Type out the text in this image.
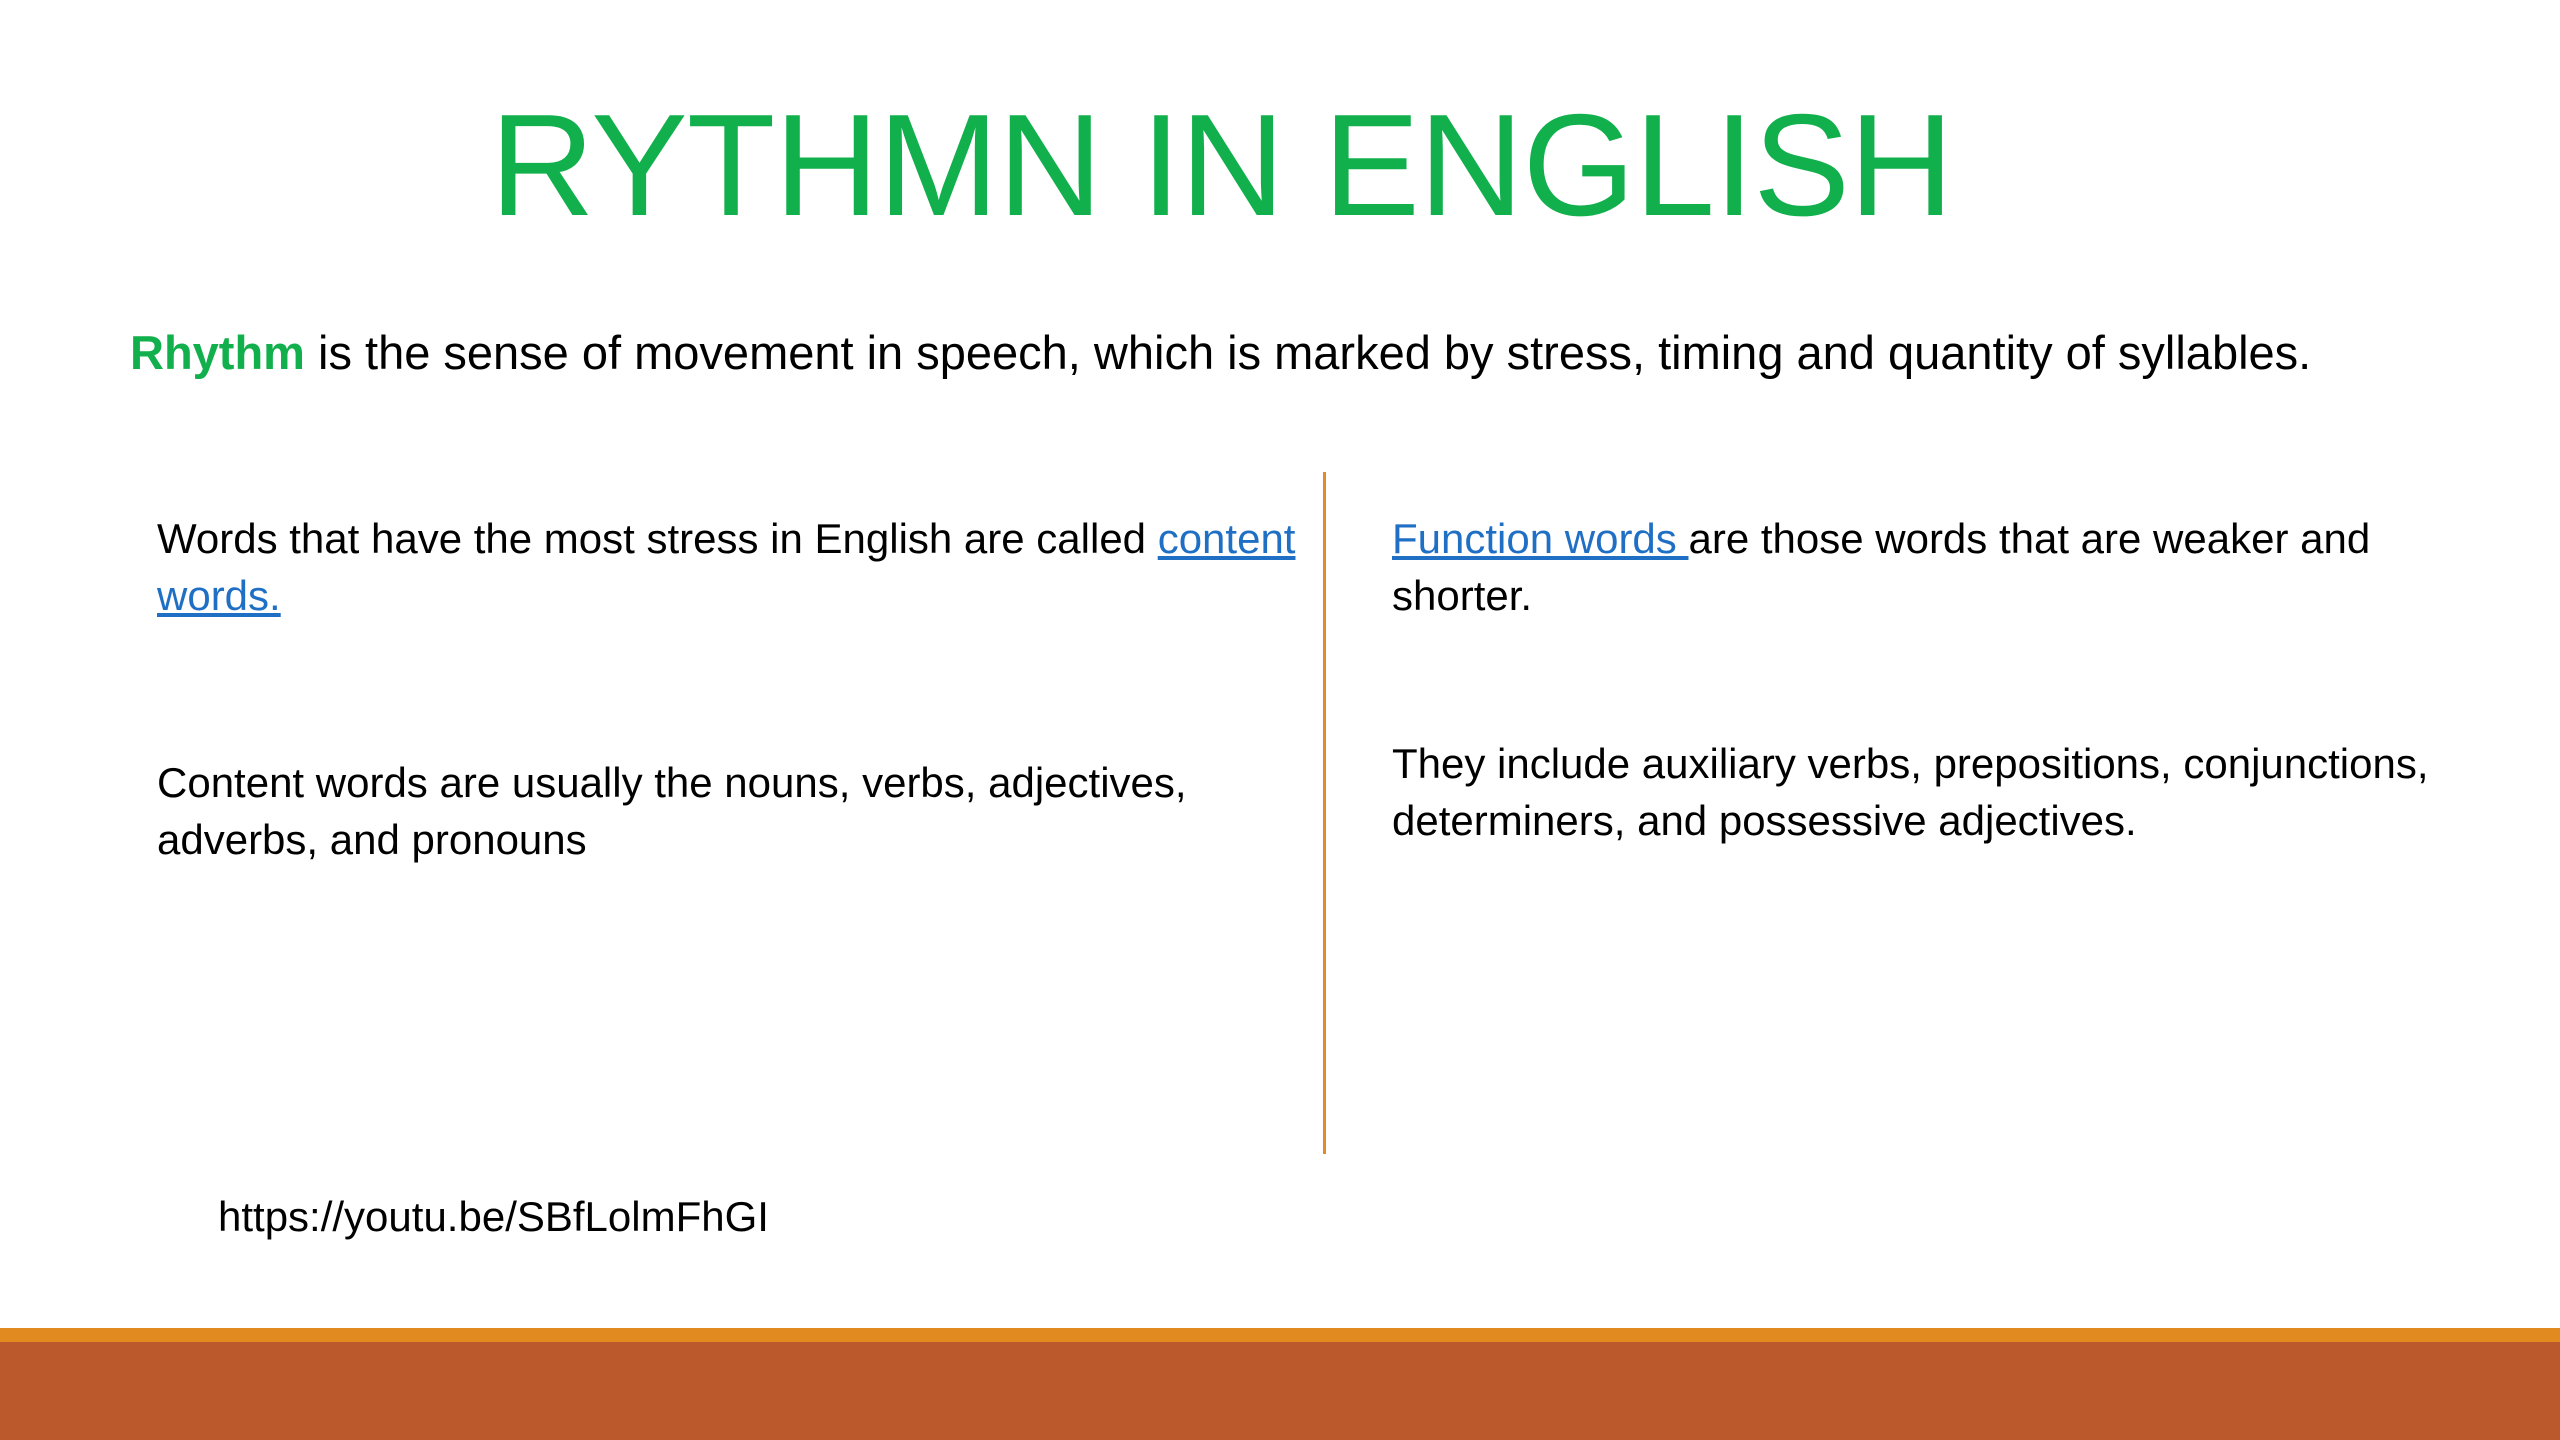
RYTHMN IN ENGLISH
Rhythm is the sense of movement in speech, which is marked by stress, timing and quantity of syllables.

Words that have the most stress in English are called content words.

Content words are usually the nouns, verbs, adjectives, adverbs, and pronouns

Function words are those words that are weaker and shorter.

They include auxiliary verbs, prepositions, conjunctions, determiners, and possessive adjectives.

https://youtu.be/SBfLolmFhGI
